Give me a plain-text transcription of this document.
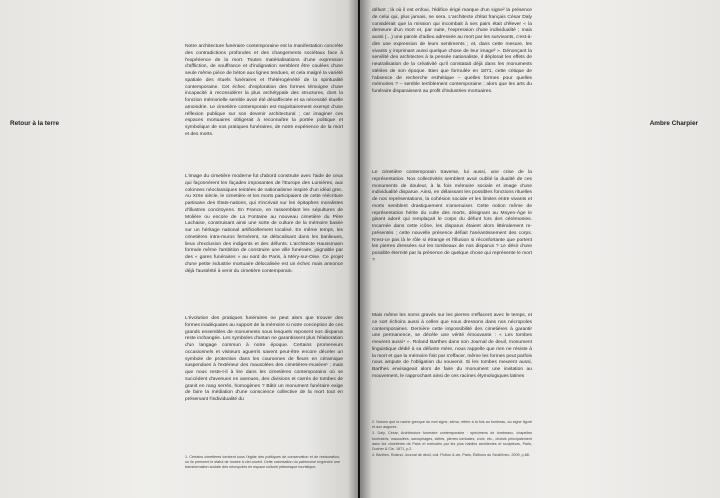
Retour à la terre

Notre architecture funéraire contemporaine est la manifestation concrète des contradictions profondes et des changements sociétaux face à l'expérience de la mort. Toutes matérialisations d'une expression d'affliction, de souffrance et d'indignation semblent être coulées d'une seule même pièce de béton aux lignes tendues, et cela malgré la variété spatiale des rituels funéraires et l'hétérogénéité de la spiritualité contemporaine. Cet échec d'exploration des formes témoigne d'une incapacité à reconsidérer la plus archétypale des structures, dont la fonction mémorielle semble avoir été désaffectée et sa nécessité rituelle amoindrie. Le cimetière contemporain est majoritairement exempt d'une réflexion publique sur son devenir architectural ; car imaginer ces espaces mortuaires obligerait à reconnaître la portée politique et symbolique de nos pratiques funéraires, de notre expérience de la mort et des morts.

L'image du cimetière moderne fut d'abord construite avec l'aide de ceux qui façonnèrent les façades imposantes de l'Europe des Lumières, aux colonnes néoclassiques teintées de nationalisme inspiré d'un idéal grec. Au XIXe siècle, le cimetière et les morts participaient de cette réécriture partisane des États-nations, qui s'incrivait sur les épitaphes moralistes d'illustres concitoyens. En France, en rassemblant les sépultures de Molière ou encore de La Fontaine au nouveau cimetière du Père Lachaise, construisant ainsi une sorte de culture de la mémoire basée sur un héritage national artificiellement localisé. En même temps, les cimetières intra-muros fermèrent, se délocalisant dans les banlieues, lieux d'exclusion des indigents et des défunts. L'architecte Haussmann formule même l'ambition de construire une ville funéraire, joignable par des « gares funéraires » au nord de Paris, à Méry-sur-Oise. Ce projet d'une petite industrie mortuaire délocalisée est un échec mais annonce déjà l'austérité à venir du cimetière contemporain.

L'évolution des pratiques funéraires ne peut alors que trouver des formes inadéquates au support de la mémoire si notre conception de ces grands ensembles de monuments sous lesquels reposent nos disparus reste inchangée. Les symboles d'antan ne garantissent plus l'élaboration d'un langage commun à notre époque. Certains promeneurs occasionnels et visiteurs aguerris savent peut-être encore déceler un symbole de protection dans les couronnes de fleurs en céramique suspendues à l'extérieur des mausolées des cimetières-musées¹ ; mais que nous reste-t-il à lire dans les cimetières contemporains où se succèdent d'avenues en avenues, des divisions et carrés de tombes de granit en rang serrés, homogènes ? Bâtir un monument funéraire exige de faire la médiation d'une conscience collective de la mort tout en préservant l'individualité du

1. Certains cimetières tombent sous l'égide des politiques de conservation et de restauration, où ils prennent le statut de musée à ciel ouvert. Cette valorisation du patrimoine engendre une transformation sociale des nécropoles en espace culturel pittoresque touristique.

Ambre Charpier

défunt ; là où il est enfoui, l'édifice érigé marque d'un signe² la présence de celui qui, plus jamais, ne sera. L'architecte d'état français César Daly considérait que la mission qui incombait à ses pairs était d'élever « la demeure d'un mort et, par suite, l'expression d'une individualité ; mais aussi (…) une parole d'adieu adressée au mort par les survivants, c'est-à-dire une expression de leurs sentiments ; et, dans cette mesure, les vivants y imprimant aussi quelque chose de leur image³ ». Dénonçant la servilité des architectes à la pensée nationaliste, il déplorait les effets de neutralisation de la créativité qu'il constatait déjà dans les monuments stériles de son époque. Bien que formulée en 1871, cette critique de l'absence de recherche esthétique – quelles formes pour quelles mémoires ? – semble terriblement contemporaine ; alors que les arts du funéraire disparaissent au profit d'industries mortuaires.

Le cimetière contemporain traverse, lui aussi, une crise de la représentation. Nos collectivités semblent avoir oublié la dualité de ces monuments de douleur, à la fois mémoire sociale et image d'une individualité disparue. Ainsi, en délaissant les possibles fonctions rituelles de nos représentations, la cohésion sociale et les limites entre vivants et morts semblent drastiquement s'amenuiser. Cette notion même de représentation hérite du culte des morts, désignant au Moyen-Âge le gisant adoré qui remplaçait le corps du défunt lors des cérémonies. Incarnée dans cette icône, les disparus étaient alors littéralement re-présentés ; cette nouvelle présence défiait l'anéantissement des corps. N'est-ce pas là le rôle si étrange et l'illusion si réconfortante que portent les pierres dressées sur les tombeaux de nos disparus ? Le désir d'une possible éternité par la présence de quelque chose qui représente le mort ?

Mais même les noms gravés sur les pierres s'effacent avec le temps, et ce sort échoira aussi à celles que nous dressons dans nos nécropoles contemporaines. Dernière cette impossibilité des cimetières à garantir une permanence, se décèle une vérité émouvante : « Les tombes meurent aussi⁴ ». Roland Barthes dans son Journal de deuil, monument linguistique dédié à sa défunte mère, nous rappelle que rien ne résiste à la mort et que la mémoire finit par s'effacer, même les formes peut parfois nous ampute de l'obligation du souvenir. Si les tombes meurent aussi, Barthes envisageait alors de faire du monument une invitation au mouvement, le rapprochant ainsi de ces racines étymologiques latines

2. Notons que la racine grecque du mot signe, sêma, réfère à la fois au tombeau, au signe figuré et aux augures.

3. Daly, César, Architecture funéraire contemporaine : spécimens de tombeaux, chapelles funéraires, mausolées, sarcophages, stèles, pierres tombales, croix, etc., choisis principalement dans les cimetières de Paris et exécutés par les plus habiles architectes et sculpteurs, Paris, Ducher & Cie, 1871, p.2.

4. Barthes, Roland, Journal de deuil, coll. Fiction & cie, Paris, Éditions du Seuil/Imec, 2009, p.88.
